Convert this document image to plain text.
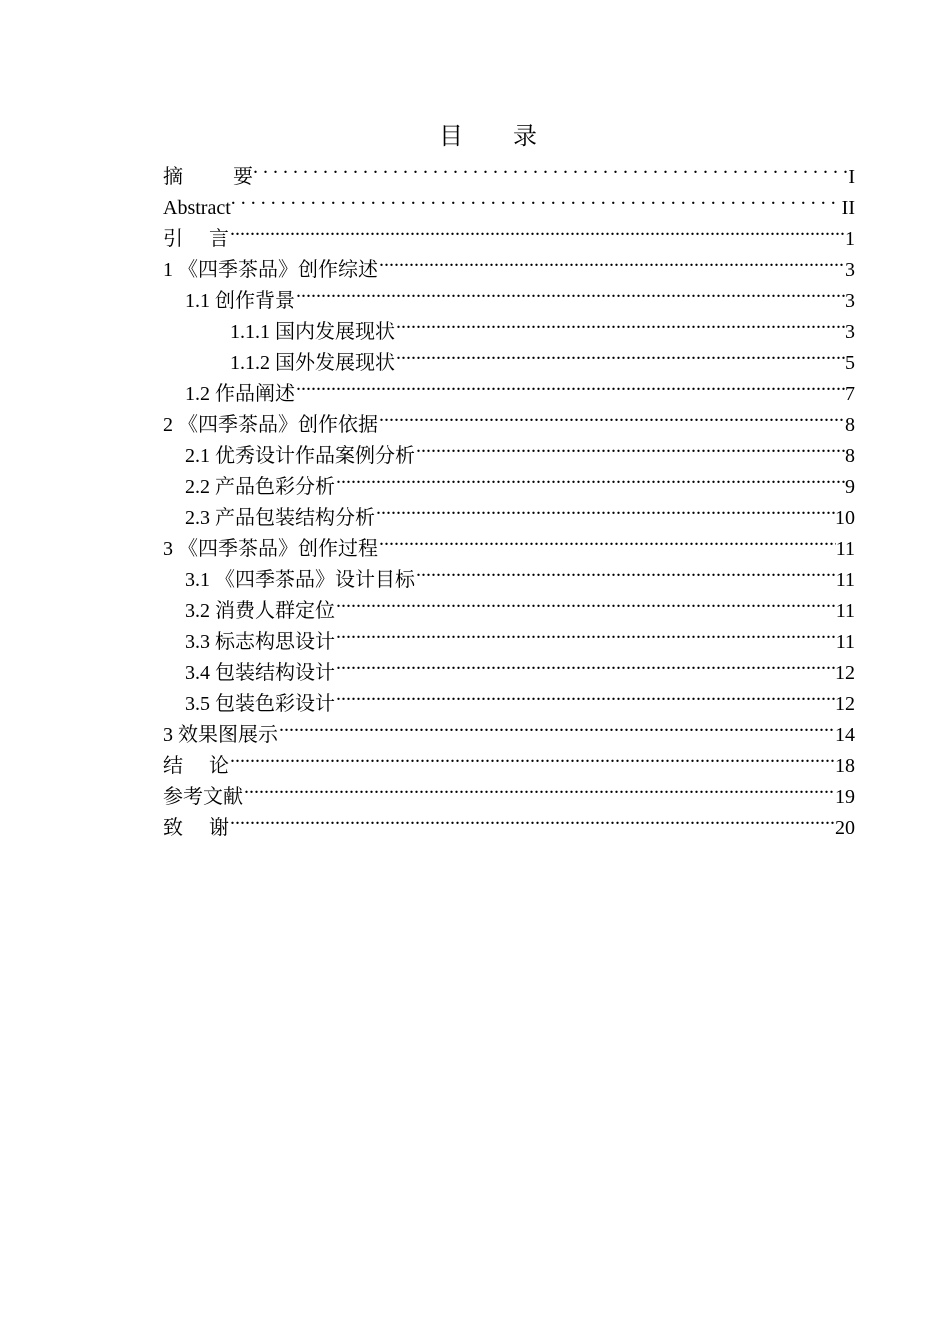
目 录
摘	要 . . .	I
Abstract . . .	II
引 言 .....	1
1 《四季茶品》创作综述 .....	3
1.1 创作背景 .....	3
1.1.1 国内发展现状 .....	3
1.1.2 国外发展现状 .....	5
1.2 作品阐述 .....	7
2 《四季茶品》创作依据 .....	8
2.1 优秀设计作品案例分析 .....	8
2.2 产品色彩分析 .....	9
2.3 产品包装结构分析 .....	10
3 《四季茶品》创作过程 .....	11
3.1 《四季茶品》设计目标 .....	11
3.2 消费人群定位 .....	11
3.3 标志构思设计 .....	11
3.4 包装结构设计 .....	12
3.5 包装色彩设计 .....	12
3 效果图展示 .....	14
结 论 .....	18
参考文献 .....	19
致 谢 .....	20
